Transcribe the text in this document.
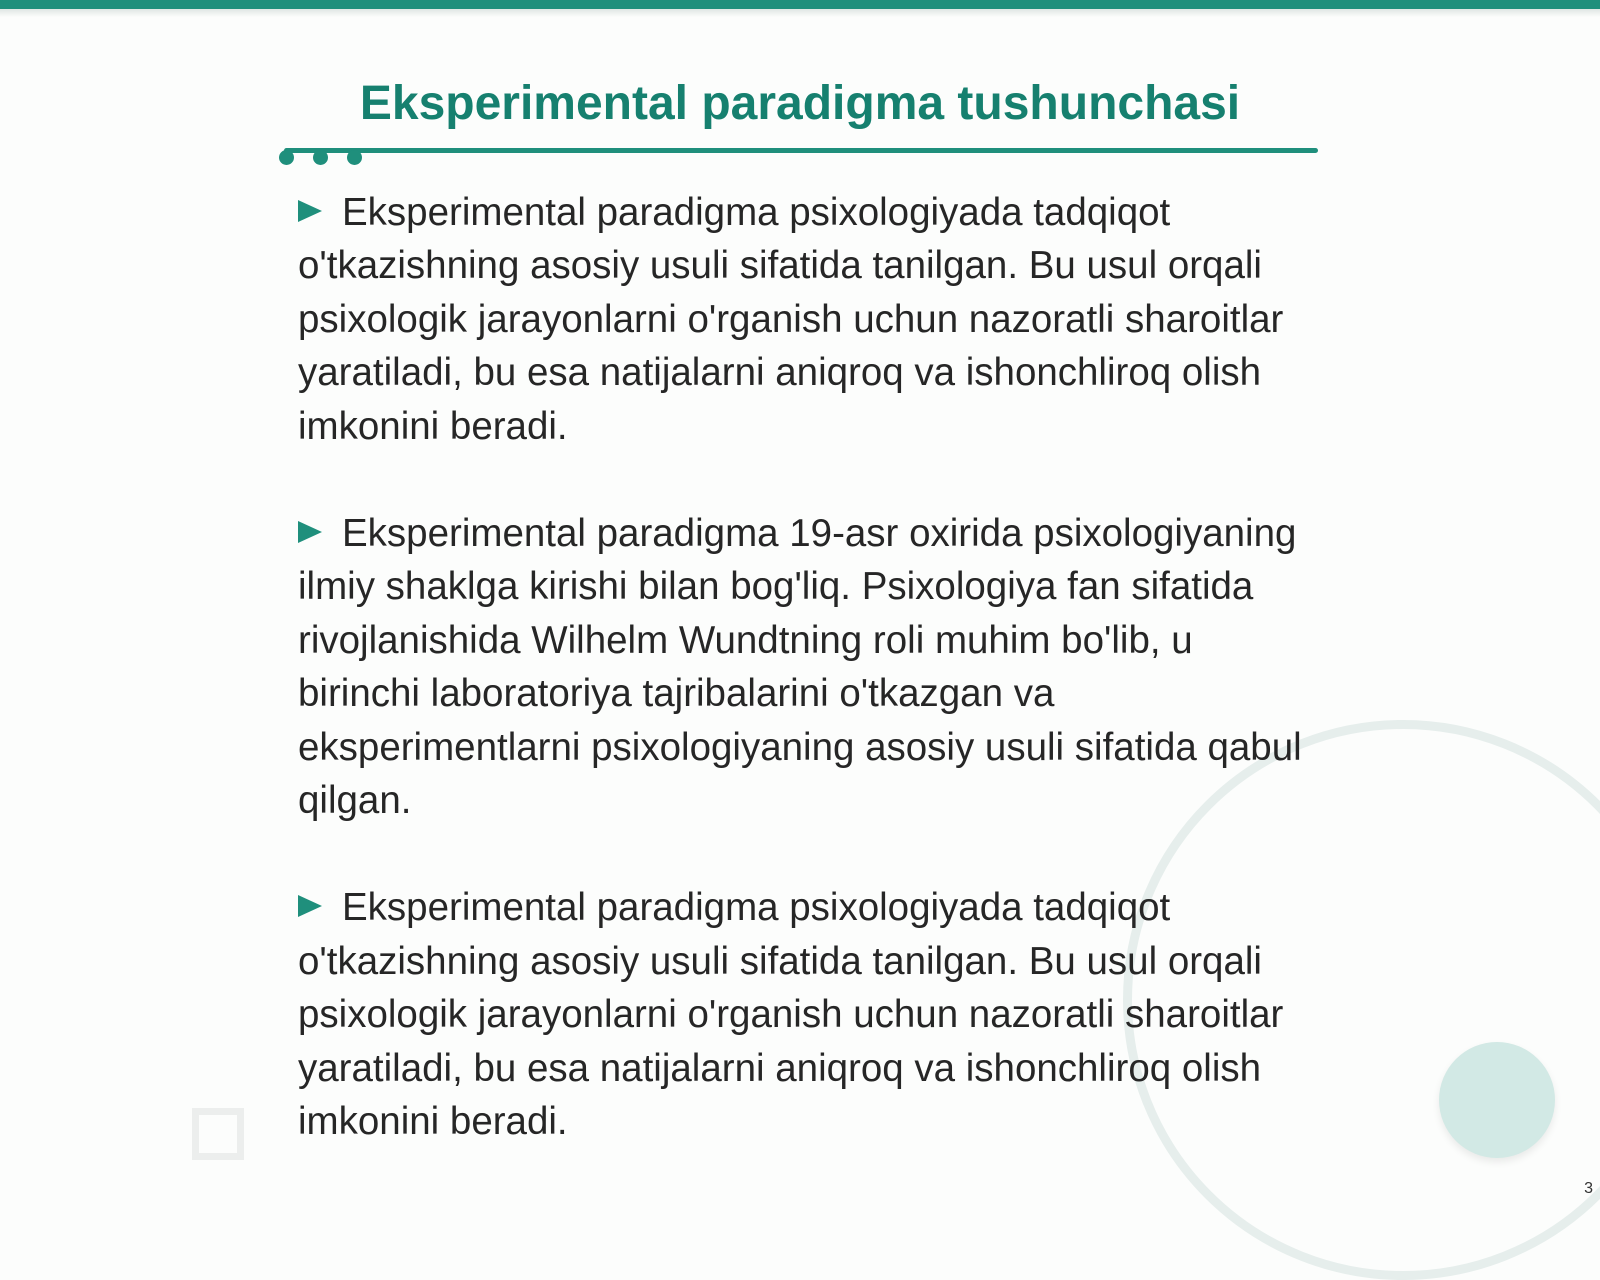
Eksperimental paradigma tushunchasi

Eksperimental paradigma psixologiyada tadqiqot o'tkazishning asosiy usuli sifatida tanilgan. Bu usul orqali psixologik jarayonlarni o'rganish uchun nazoratli sharoitlar yaratiladi, bu esa natijalarni aniqroq va ishonchliroq olish imkonini beradi.

Eksperimental paradigma 19-asr oxirida psixologiyaning ilmiy shaklga kirishi bilan bog'liq. Psixologiya fan sifatida rivojlanishida Wilhelm Wundtning roli muhim bo'lib, u birinchi laboratoriya tajribalarini o'tkazgan va eksperimentlarni psixologiyaning asosiy usuli sifatida qabul qilgan.

Eksperimental paradigma psixologiyada tadqiqot o'tkazishning asosiy usuli sifatida tanilgan. Bu usul orqali psixologik jarayonlarni o'rganish uchun nazoratli sharoitlar yaratiladi, bu esa natijalarni aniqroq va ishonchliroq olish imkonini beradi.

3
